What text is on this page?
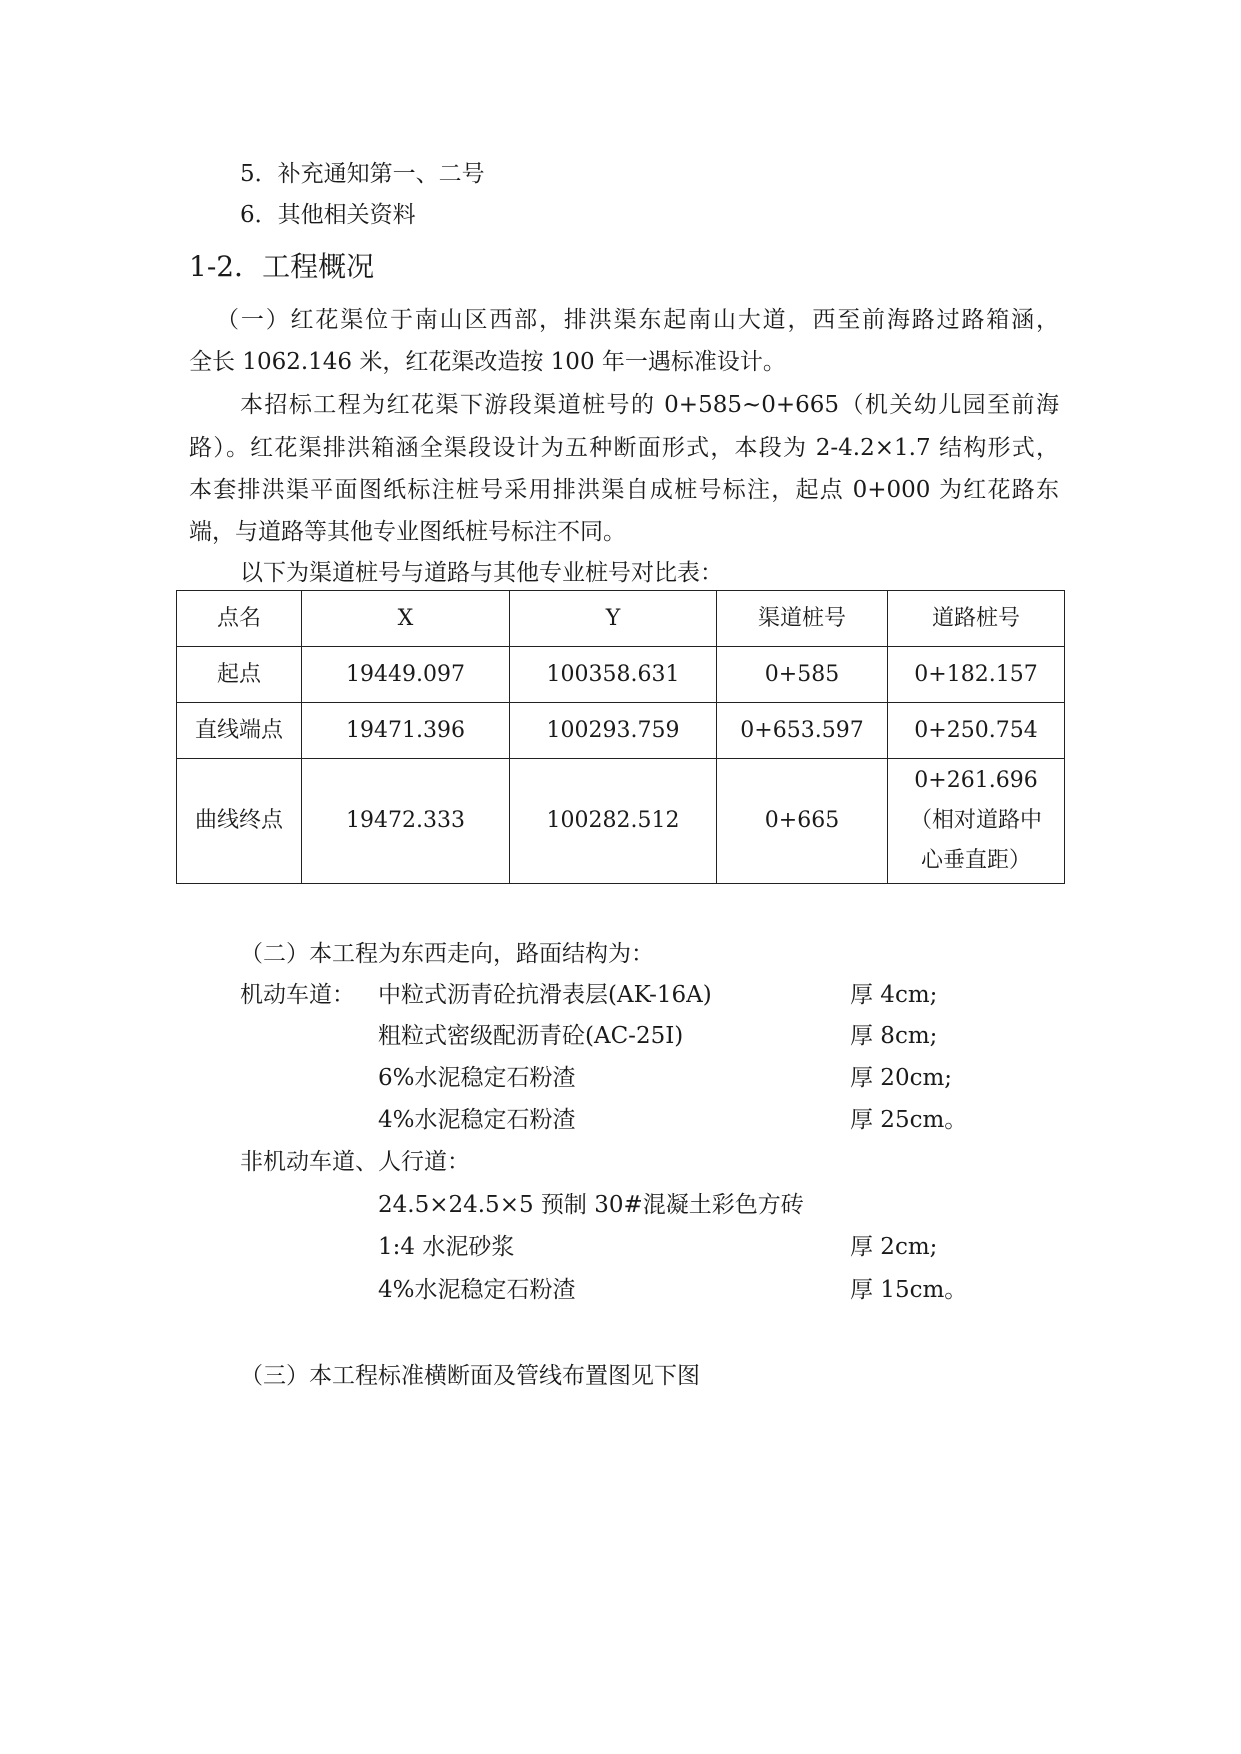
5．补充通知第一、二号

6．其他相关资料

1-2．工程概况

（一）红花渠位于南山区西部，排洪渠东起南山大道，西至前海路过路箱涵，

全长 1062.146 米，红花渠改造按 100 年一遇标准设计。

本招标工程为红花渠下游段渠道桩号的 0+585~0+665（机关幼儿园至前海

路）。红花渠排洪箱涵全渠段设计为五种断面形式，本段为 2-4.2×1.7 结构形式，

本套排洪渠平面图纸标注桩号采用排洪渠自成桩号标注，起点 0+000 为红花路东

端，与道路等其他专业图纸桩号标注不同。

以下为渠道桩号与道路与其他专业桩号对比表：

点名	X	Y	渠道桩号	道路桩号
起点	19449.097	100358.631	0+585	0+182.157
直线端点	19471.396	100293.759	0+653.597	0+250.754
曲线终点	19472.333	100282.512	0+665	0+261.696
（相对道路中
心垂直距）

（二）本工程为东西走向，路面结构为：

机动车道： 中粒式沥青砼抗滑表层(AK-16A)	厚 4cm;
粗粒式密级配沥青砼(AC-25I)	厚 8cm;
6%水泥稳定石粉渣	厚 20cm;
4%水泥稳定石粉渣	厚 25cm。
非机动车道、人行道：
24.5×24.5×5 预制 30#混凝土彩色方砖
1:4 水泥砂浆	厚 2cm;
4%水泥稳定石粉渣	厚 15cm。

（三）本工程标准横断面及管线布置图见下图
